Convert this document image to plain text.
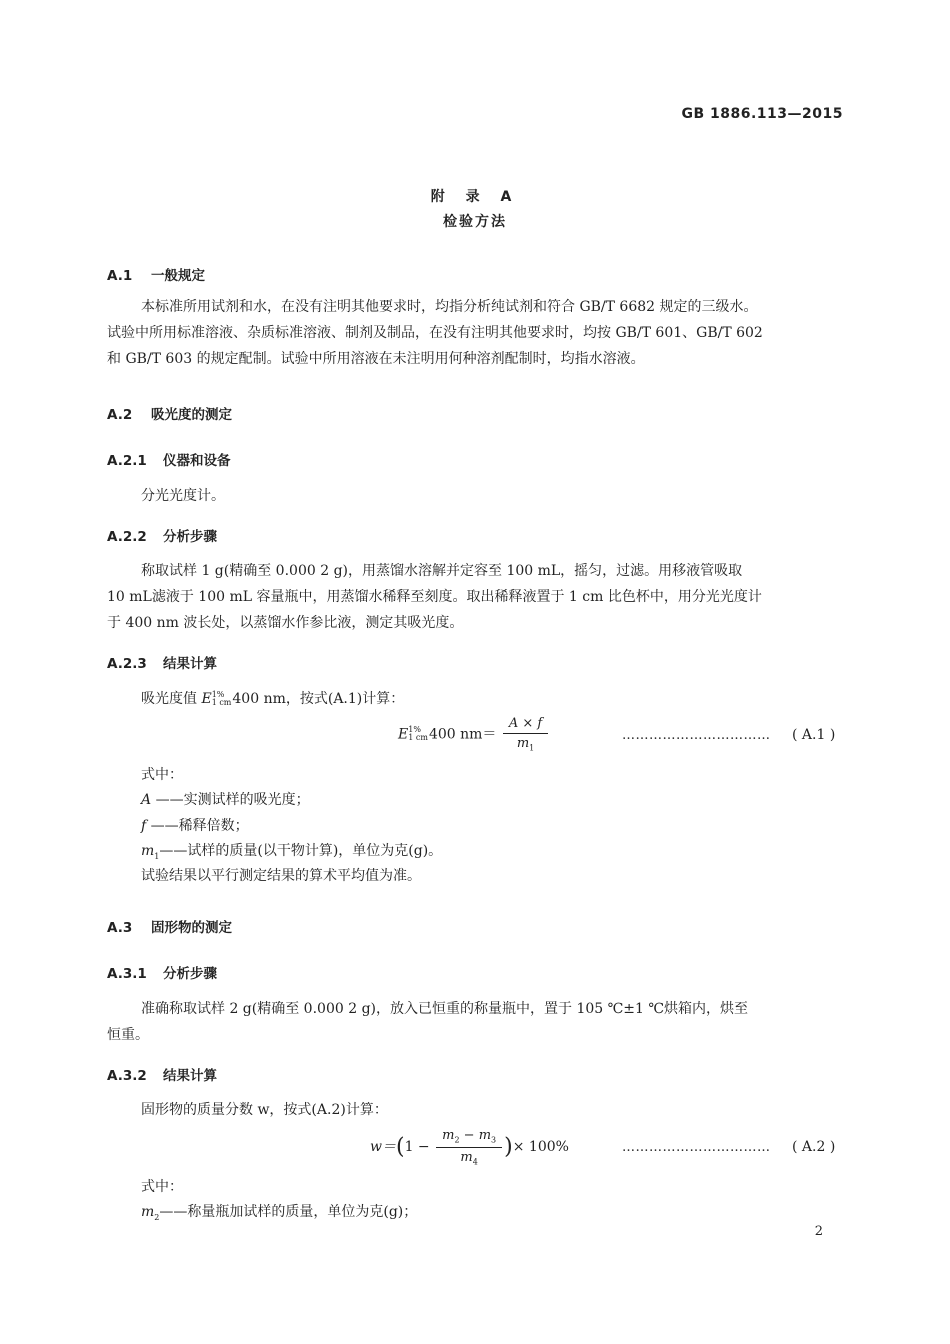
GB 1886.113—2015
附 录 A
检验方法
A.1 一般规定
本标准所用试剂和水，在没有注明其他要求时，均指分析纯试剂和符合 GB/T 6682 规定的三级水。
试验中所用标准溶液、杂质标准溶液、制剂及制品，在没有注明其他要求时，均按 GB/T 601、GB/T 602
和 GB/T 603 的规定配制。试验中所用溶液在未注明用何种溶剂配制时，均指水溶液。
A.2 吸光度的测定
A.2.1 仪器和设备
分光光度计。
A.2.2 分析步骤
称取试样 1 g(精确至 0.000 2 g)，用蒸馏水溶解并定容至 100 mL，摇匀，过滤。用移液管吸取
10 mL滤液于 100 mL 容量瓶中，用蒸馏水稀释至刻度。取出稀释液置于 1 cm 比色杯中，用分光光度计
于 400 nm 波长处，以蒸馏水作参比液，测定其吸光度。
A.2.3 结果计算
吸光度值 E1%
1 cm400 nm，按式(A.1)计算：
E1%
1 cm400 $nm= \frac{A \times f}{m_1}$	…………………………… ( A.1 )
式中：
A ——实测试样的吸光度；
f ——稀释倍数；
$m_1——$试样的质量(以干物计算)，单位为克(g)。
试验结果以平行测定结果的算术平均值为准。
A.3 固形物的测定
A.3.1 分析步骤
准确称取试样 2 g(精确至 0.000 2 g)，放入已恒重的称量瓶中，置于 105 ℃±1 ℃烘箱内，烘至
恒重。
A.3.2 结果计算
固形物的质量分数 w，按式(A.2)计算：
$w=(1 - \frac{m_2 - m_3}{m_4}$ )× 100%	…………………………… ( A.2 )
式中：
$m_2——$称量瓶加试样的质量，单位为克(g)；
2
